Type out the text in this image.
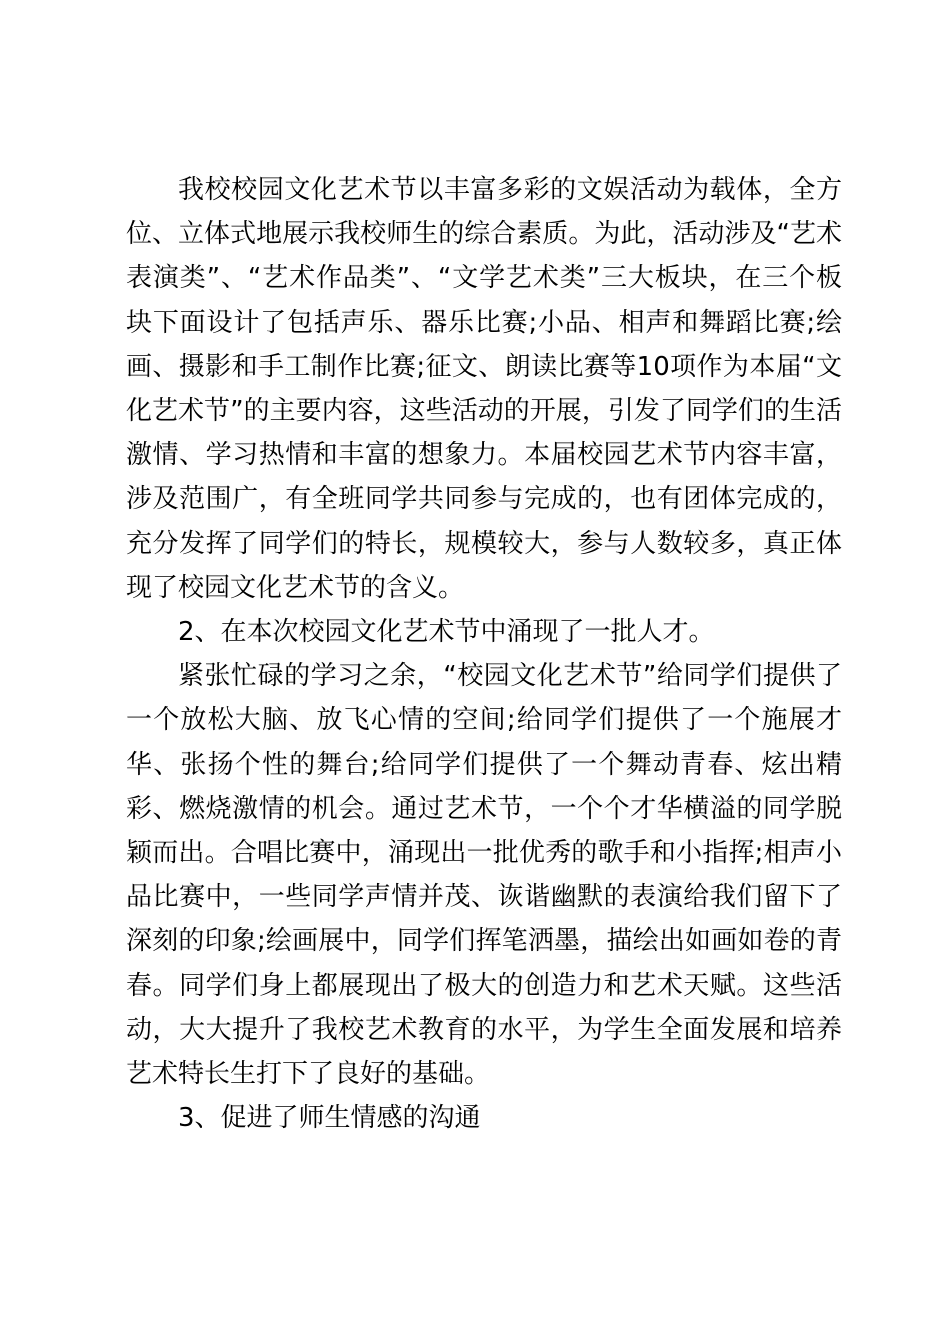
我校校园文化艺术节以丰富多彩的文娱活动为载体，全方位、立体式地展示我校师生的综合素质。为此，活动涉及“艺术表演类”、“艺术作品类”、“文学艺术类”三大板块，在三个板块下面设计了包括声乐、器乐比赛;小品、相声和舞蹈比赛;绘画、摄影和手工制作比赛;征文、朗读比赛等10项作为本届“文化艺术节”的主要内容，这些活动的开展，引发了同学们的生活激情、学习热情和丰富的想象力。本届校园艺术节内容丰富，涉及范围广，有全班同学共同参与完成的，也有团体完成的，充分发挥了同学们的特长，规模较大，参与人数较多，真正体现了校园文化艺术节的含义。

2、在本次校园文化艺术节中涌现了一批人才。

紧张忙碌的学习之余，“校园文化艺术节”给同学们提供了一个放松大脑、放飞心情的空间;给同学们提供了一个施展才华、张扬个性的舞台;给同学们提供了一个舞动青春、炫出精彩、燃烧激情的机会。通过艺术节，一个个才华横溢的同学脱颖而出。合唱比赛中，涌现出一批优秀的歌手和小指挥;相声小品比赛中，一些同学声情并茂、诙谐幽默的表演给我们留下了深刻的印象;绘画展中，同学们挥笔洒墨，描绘出如画如卷的青春。同学们身上都展现出了极大的创造力和艺术天赋。这些活动，大大提升了我校艺术教育的水平，为学生全面发展和培养艺术特长生打下了良好的基础。

3、促进了师生情感的沟通
